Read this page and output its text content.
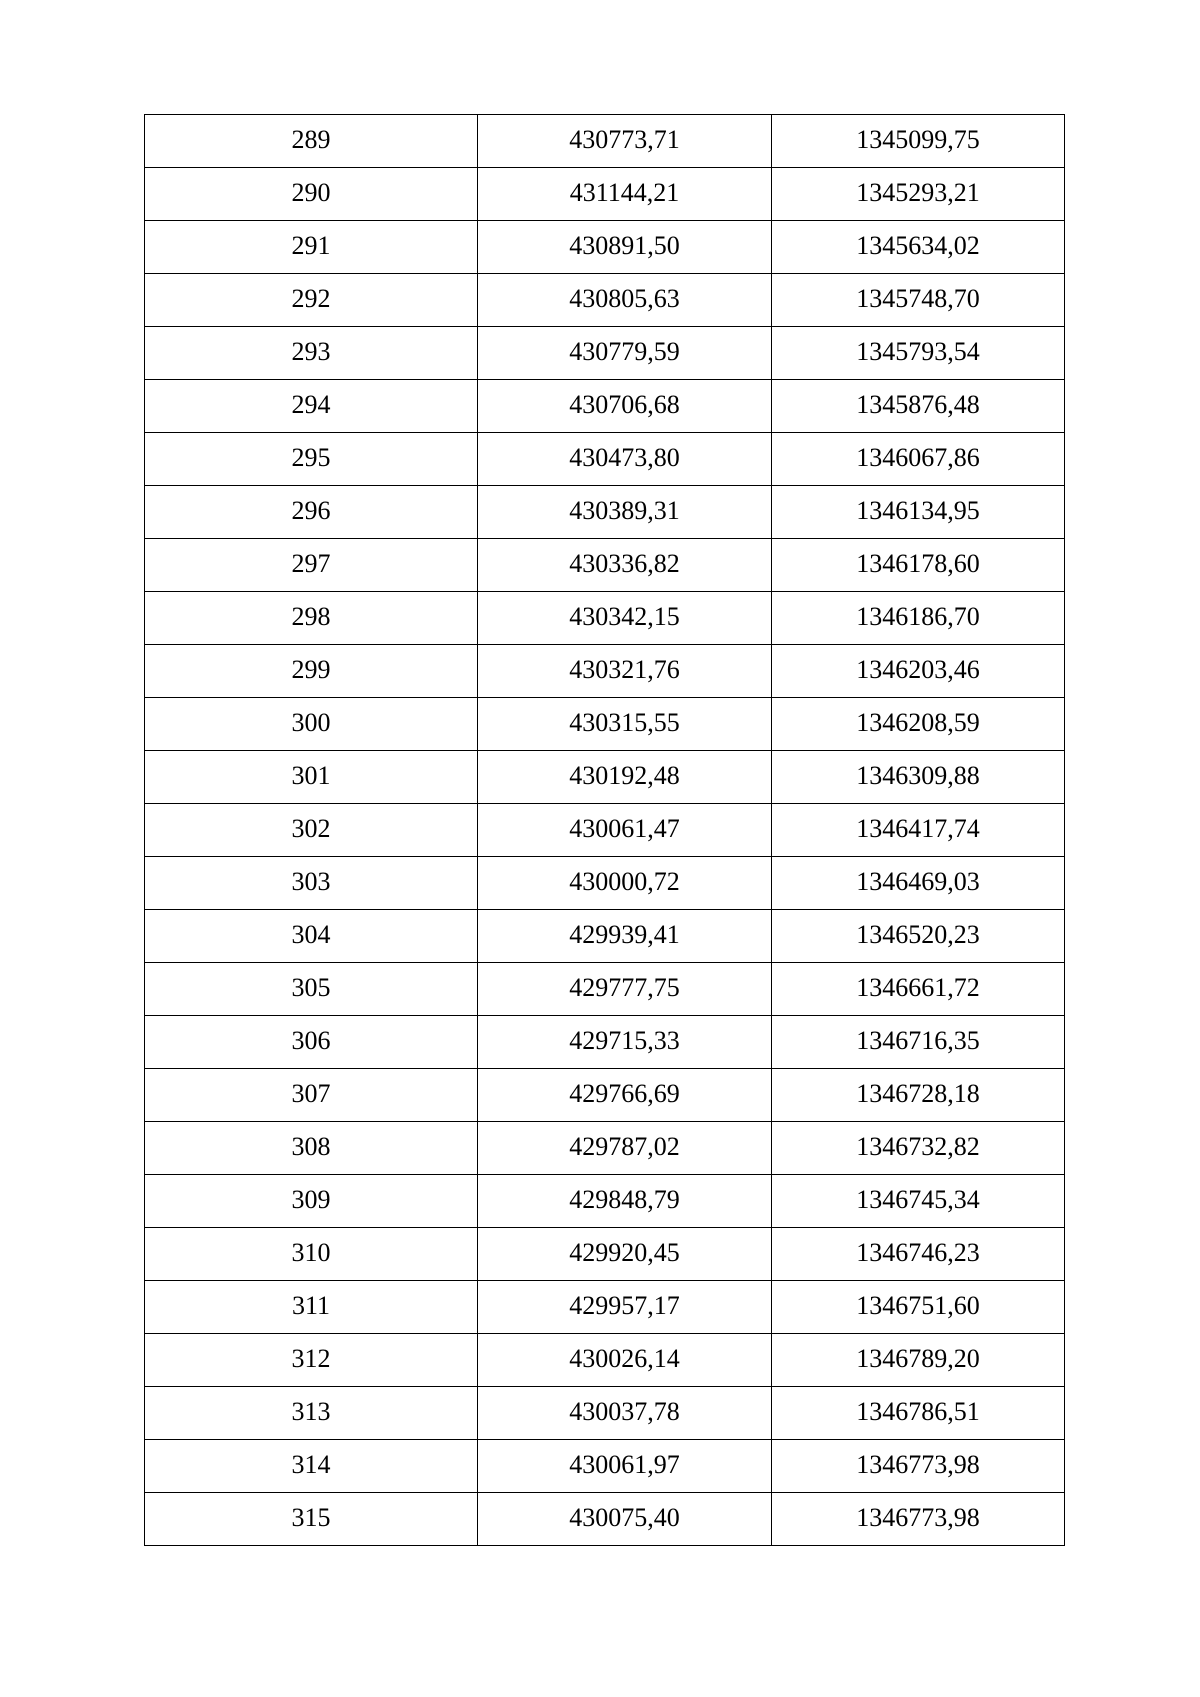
289	430773,71	1345099,75
290	431144,21	1345293,21
291	430891,50	1345634,02
292	430805,63	1345748,70
293	430779,59	1345793,54
294	430706,68	1345876,48
295	430473,80	1346067,86
296	430389,31	1346134,95
297	430336,82	1346178,60
298	430342,15	1346186,70
299	430321,76	1346203,46
300	430315,55	1346208,59
301	430192,48	1346309,88
302	430061,47	1346417,74
303	430000,72	1346469,03
304	429939,41	1346520,23
305	429777,75	1346661,72
306	429715,33	1346716,35
307	429766,69	1346728,18
308	429787,02	1346732,82
309	429848,79	1346745,34
310	429920,45	1346746,23
311	429957,17	1346751,60
312	430026,14	1346789,20
313	430037,78	1346786,51
314	430061,97	1346773,98
315	430075,40	1346773,98
